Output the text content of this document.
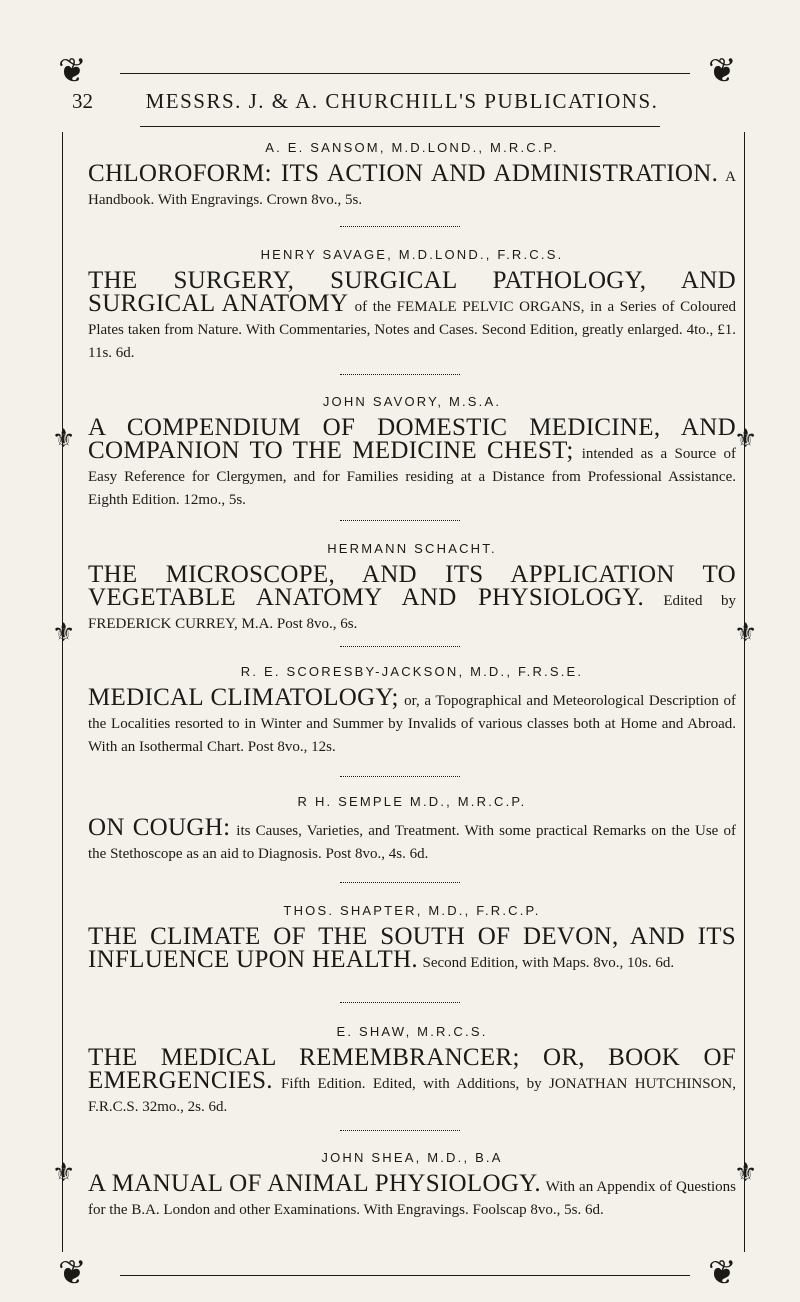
❦	❦
❦	❦
⚜	⚜
⚜	⚜
⚜	⚜
32	MESSRS. J. & A. CHURCHILL'S PUBLICATIONS.
A. E. SANSOM, M.D.LOND., M.R.C.P.
CHLOROFORM: ITS ACTION AND ADMINISTRATION. A Handbook. With Engravings. Crown 8vo., 5s.
HENRY SAVAGE, M.D.LOND., F.R.C.S.
THE SURGERY, SURGICAL PATHOLOGY, AND SURGICAL ANATOMY of the FEMALE PELVIC ORGANS, in a Series of Coloured Plates taken from Nature. With Commentaries, Notes and Cases. Second Edition, greatly enlarged. 4to., £1. 11s. 6d.
JOHN SAVORY, M.S.A.
A COMPENDIUM OF DOMESTIC MEDICINE, AND COMPANION TO THE MEDICINE CHEST; intended as a Source of Easy Reference for Clergymen, and for Families residing at a Distance from Professional Assistance. Eighth Edition. 12mo., 5s.
HERMANN SCHACHT.
THE MICROSCOPE, AND ITS APPLICATION TO VEGETABLE ANATOMY AND PHYSIOLOGY. Edited by FREDERICK CURREY, M.A. Post 8vo., 6s.
R. E. SCORESBY-JACKSON, M.D., F.R.S.E.
MEDICAL CLIMATOLOGY; or, a Topographical and Meteorological Description of the Localities resorted to in Winter and Summer by Invalids of various classes both at Home and Abroad. With an Isothermal Chart. Post 8vo., 12s.
R H. SEMPLE M.D., M.R.C.P.
ON COUGH: its Causes, Varieties, and Treatment. With some practical Remarks on the Use of the Stethoscope as an aid to Diagnosis. Post 8vo., 4s. 6d.
THOS. SHAPTER, M.D., F.R.C.P.
THE CLIMATE OF THE SOUTH OF DEVON, AND ITS INFLUENCE UPON HEALTH. Second Edition, with Maps. 8vo., 10s. 6d.
E. SHAW, M.R.C.S.
THE MEDICAL REMEMBRANCER; OR, BOOK OF EMERGENCIES. Fifth Edition. Edited, with Additions, by JONATHAN HUTCHINSON, F.R.C.S. 32mo., 2s. 6d.
JOHN SHEA, M.D., B.A
A MANUAL OF ANIMAL PHYSIOLOGY. With an Appendix of Questions for the B.A. London and other Examinations. With Engravings. Foolscap 8vo., 5s. 6d.
